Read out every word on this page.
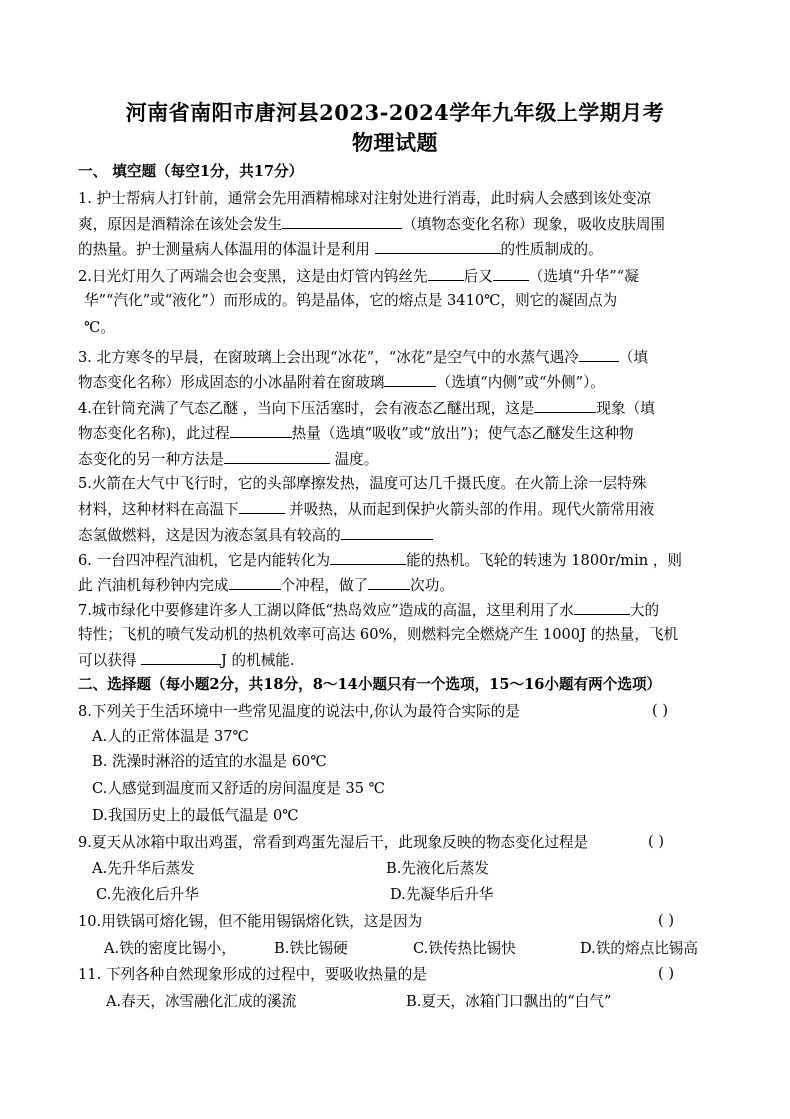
河南省南阳市唐河县2023-2024学年九年级上学期月考
物理试题
一、 填空题（每空1分，共17分）
1. 护士帮病人打针前，通常会先用酒精棉球对注射处进行消毒，此时病人会感到该处变凉
爽，原因是酒精涂在该处会发生	（填物态变化名称）现象，吸收皮肤周围
的热量。护士测量病人体温用的体温计是利用	的性质制成的。
2.日光灯用久了两端会也会变黑，这是由灯管内钨丝先 后又 （选填“升华”“凝
华”“汽化”或“液化”）而形成的。钨是晶体，它的熔点是 3410℃，则它的凝固点为
℃。
3. 北方寒冬的早晨，在窗玻璃上会出现“冰花”，“冰花”是空气中的水蒸气遇冷	（填
物态变化名称）形成固态的小冰晶附着在窗玻璃	（选填“内侧”或“外侧”）。
4.在针筒充满了气态乙醚 ，当向下压活塞时，会有液态乙醚出现，这是	现象（填
物态变化名称)，此过程	热量（选填“吸收”或“放出”)；使气态乙醚发生这种物
态变化的另一种方法是	温度。
5.火箭在大气中飞行时，它的头部摩擦发热，温度可达几千摄氏度。在火箭上涂一层特殊
材料，这种材料在高温下	并吸热，从而起到保护火箭头部的作用。现代火箭常用液
态氢做燃料，这是因为液态氢具有较高的
6. 一台四冲程汽油机，它是内能转化为	能的热机。飞轮的转速为 1800r/min ，则
此 汽油机每秒钟内完成	个冲程，做了	次功。
7.城市绿化中要修建许多人工湖以降低“热岛效应”造成的高温，这里利用了水	大的
特性；飞机的喷气发动机的热机效率可高达 60%，则燃料完全燃烧产生 1000J 的热量，飞机
可以获得	J 的机械能.
二、选择题（每小题2分，共18分，8～14小题只有一个选项，15～16小题有两个选项）
8.下列关于生活环境中一些常见温度的说法中,你认为最符合实际的是	( )
A.人的正常体温是 37℃
B. 洗澡时淋浴的适宜的水温是 60℃
C.人感觉到温度而又舒适的房间温度是 35 ℃
D.我国历史上的最低气温是 0℃
9.夏天从冰箱中取出鸡蛋，常看到鸡蛋先湿后干，此现象反映的物态变化过程是	( )
A.先升华后蒸发	B.先液化后蒸发
C.先液化后升华	D.先凝华后升华
10.用铁锅可熔化锡，但不能用锡锅熔化铁，这是因为	( )
A.铁的密度比锡小，	B.铁比锡硬	C.铁传热比锡快	D.铁的熔点比锡高
11. 下列各种自然现象形成的过程中，要吸收热量的是	( )
A.春天，冰雪融化汇成的溪流	B.夏天，冰箱门口飘出的“白气”
